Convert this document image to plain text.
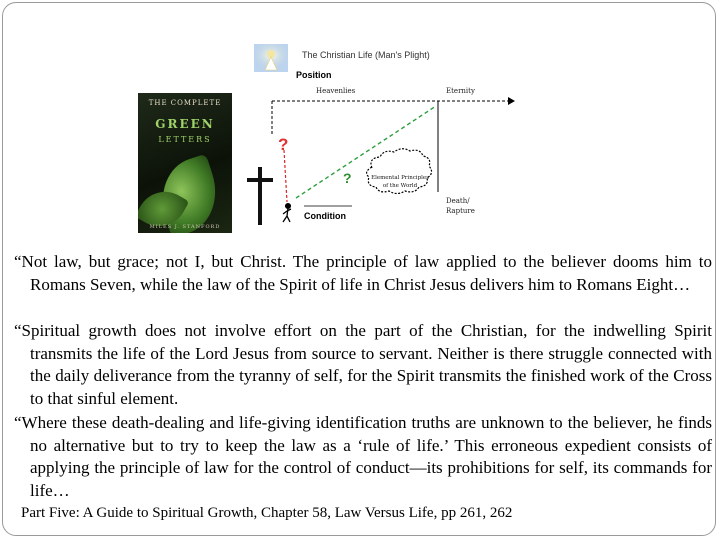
THE COMPLETE
GREEN
LETTERS
MILES J. STANFORD
The Christian Life (Man's Plight)
Position
Heavenlies	Eternity
?
?
Condition
Elemental Principles
of the World
Death/
Rapture

“Not law, but grace; not I, but Christ. The principle of law applied to the believer dooms him to Romans Seven, while the law of the Spirit of life in Christ Jesus delivers him to Romans Eight…

“Spiritual growth does not involve effort on the part of the Christian, for the indwelling Spirit transmits the life of the Lord Jesus from source to servant. Neither is there struggle connected with the daily deliverance from the tyranny of self, for the Spirit transmits the finished work of the Cross to that sinful element.

“Where these death-dealing and life-giving identification truths are unknown to the believer, he finds no alternative but to try to keep the law as a ‘rule of life.’ This erroneous expedient consists of applying the principle of law for the control of conduct—its prohibitions for self, its commands for life…

Part Five: A Guide to Spiritual Growth, Chapter 58, Law Versus Life, pp 261, 262
